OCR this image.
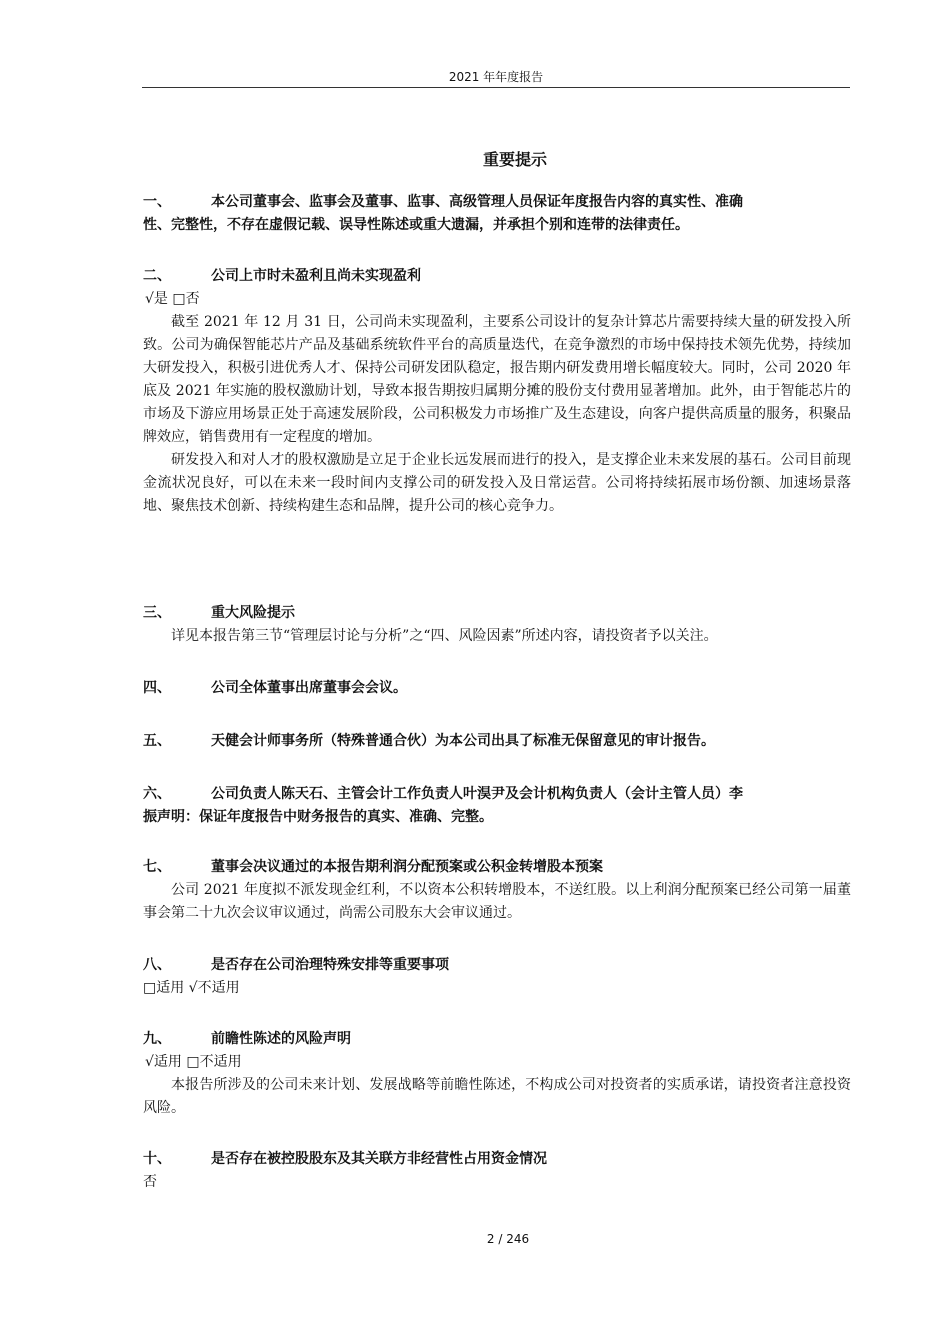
2021 年年度报告
重要提示
一、	本公司董事会、监事会及董事、监事、高级管理人员保证年度报告内容的真实性、准确
性、完整性，不存在虚假记载、误导性陈述或重大遗漏，并承担个别和连带的法律责任。
二、	公司上市时未盈利且尚未实现盈利
√是 □否
截至 2021 年 12 月 31 日，公司尚未实现盈利，主要系公司设计的复杂计算芯片需要持续大量的研发投入所致。公司为确保智能芯片产品及基础系统软件平台的高质量迭代，在竞争激烈的市场中保持技术领先优势，持续加大研发投入，积极引进优秀人才、保持公司研发团队稳定，报告期内研发费用增长幅度较大。同时，公司 2020 年底及 2021 年实施的股权激励计划，导致本报告期按归属期分摊的股份支付费用显著增加。此外，由于智能芯片的市场及下游应用场景正处于高速发展阶段，公司积极发力市场推广及生态建设，向客户提供高质量的服务，积聚品牌效应，销售费用有一定程度的增加。
研发投入和对人才的股权激励是立足于企业长远发展而进行的投入，是支撑企业未来发展的基石。公司目前现金流状况良好，可以在未来一段时间内支撑公司的研发投入及日常运营。公司将持续拓展市场份额、加速场景落地、聚焦技术创新、持续构建生态和品牌，提升公司的核心竞争力。
三、	重大风险提示
详见本报告第三节“管理层讨论与分析”之“四、风险因素”所述内容，请投资者予以关注。
四、	公司全体董事出席董事会会议。
五、	天健会计师事务所（特殊普通合伙）为本公司出具了标准无保留意见的审计报告。
六、	公司负责人陈天石、主管会计工作负责人叶淏尹及会计机构负责人（会计主管人员）李
振声明：保证年度报告中财务报告的真实、准确、完整。
七、	董事会决议通过的本报告期利润分配预案或公积金转增股本预案
公司 2021 年度拟不派发现金红利，不以资本公积转增股本，不送红股。以上利润分配预案已经公司第一届董事会第二十九次会议审议通过，尚需公司股东大会审议通过。
八、	是否存在公司治理特殊安排等重要事项
□适用 √不适用
九、	前瞻性陈述的风险声明
√适用 □不适用
本报告所涉及的公司未来计划、发展战略等前瞻性陈述，不构成公司对投资者的实质承诺，请投资者注意投资风险。
十、	是否存在被控股股东及其关联方非经营性占用资金情况
否
2 / 246
